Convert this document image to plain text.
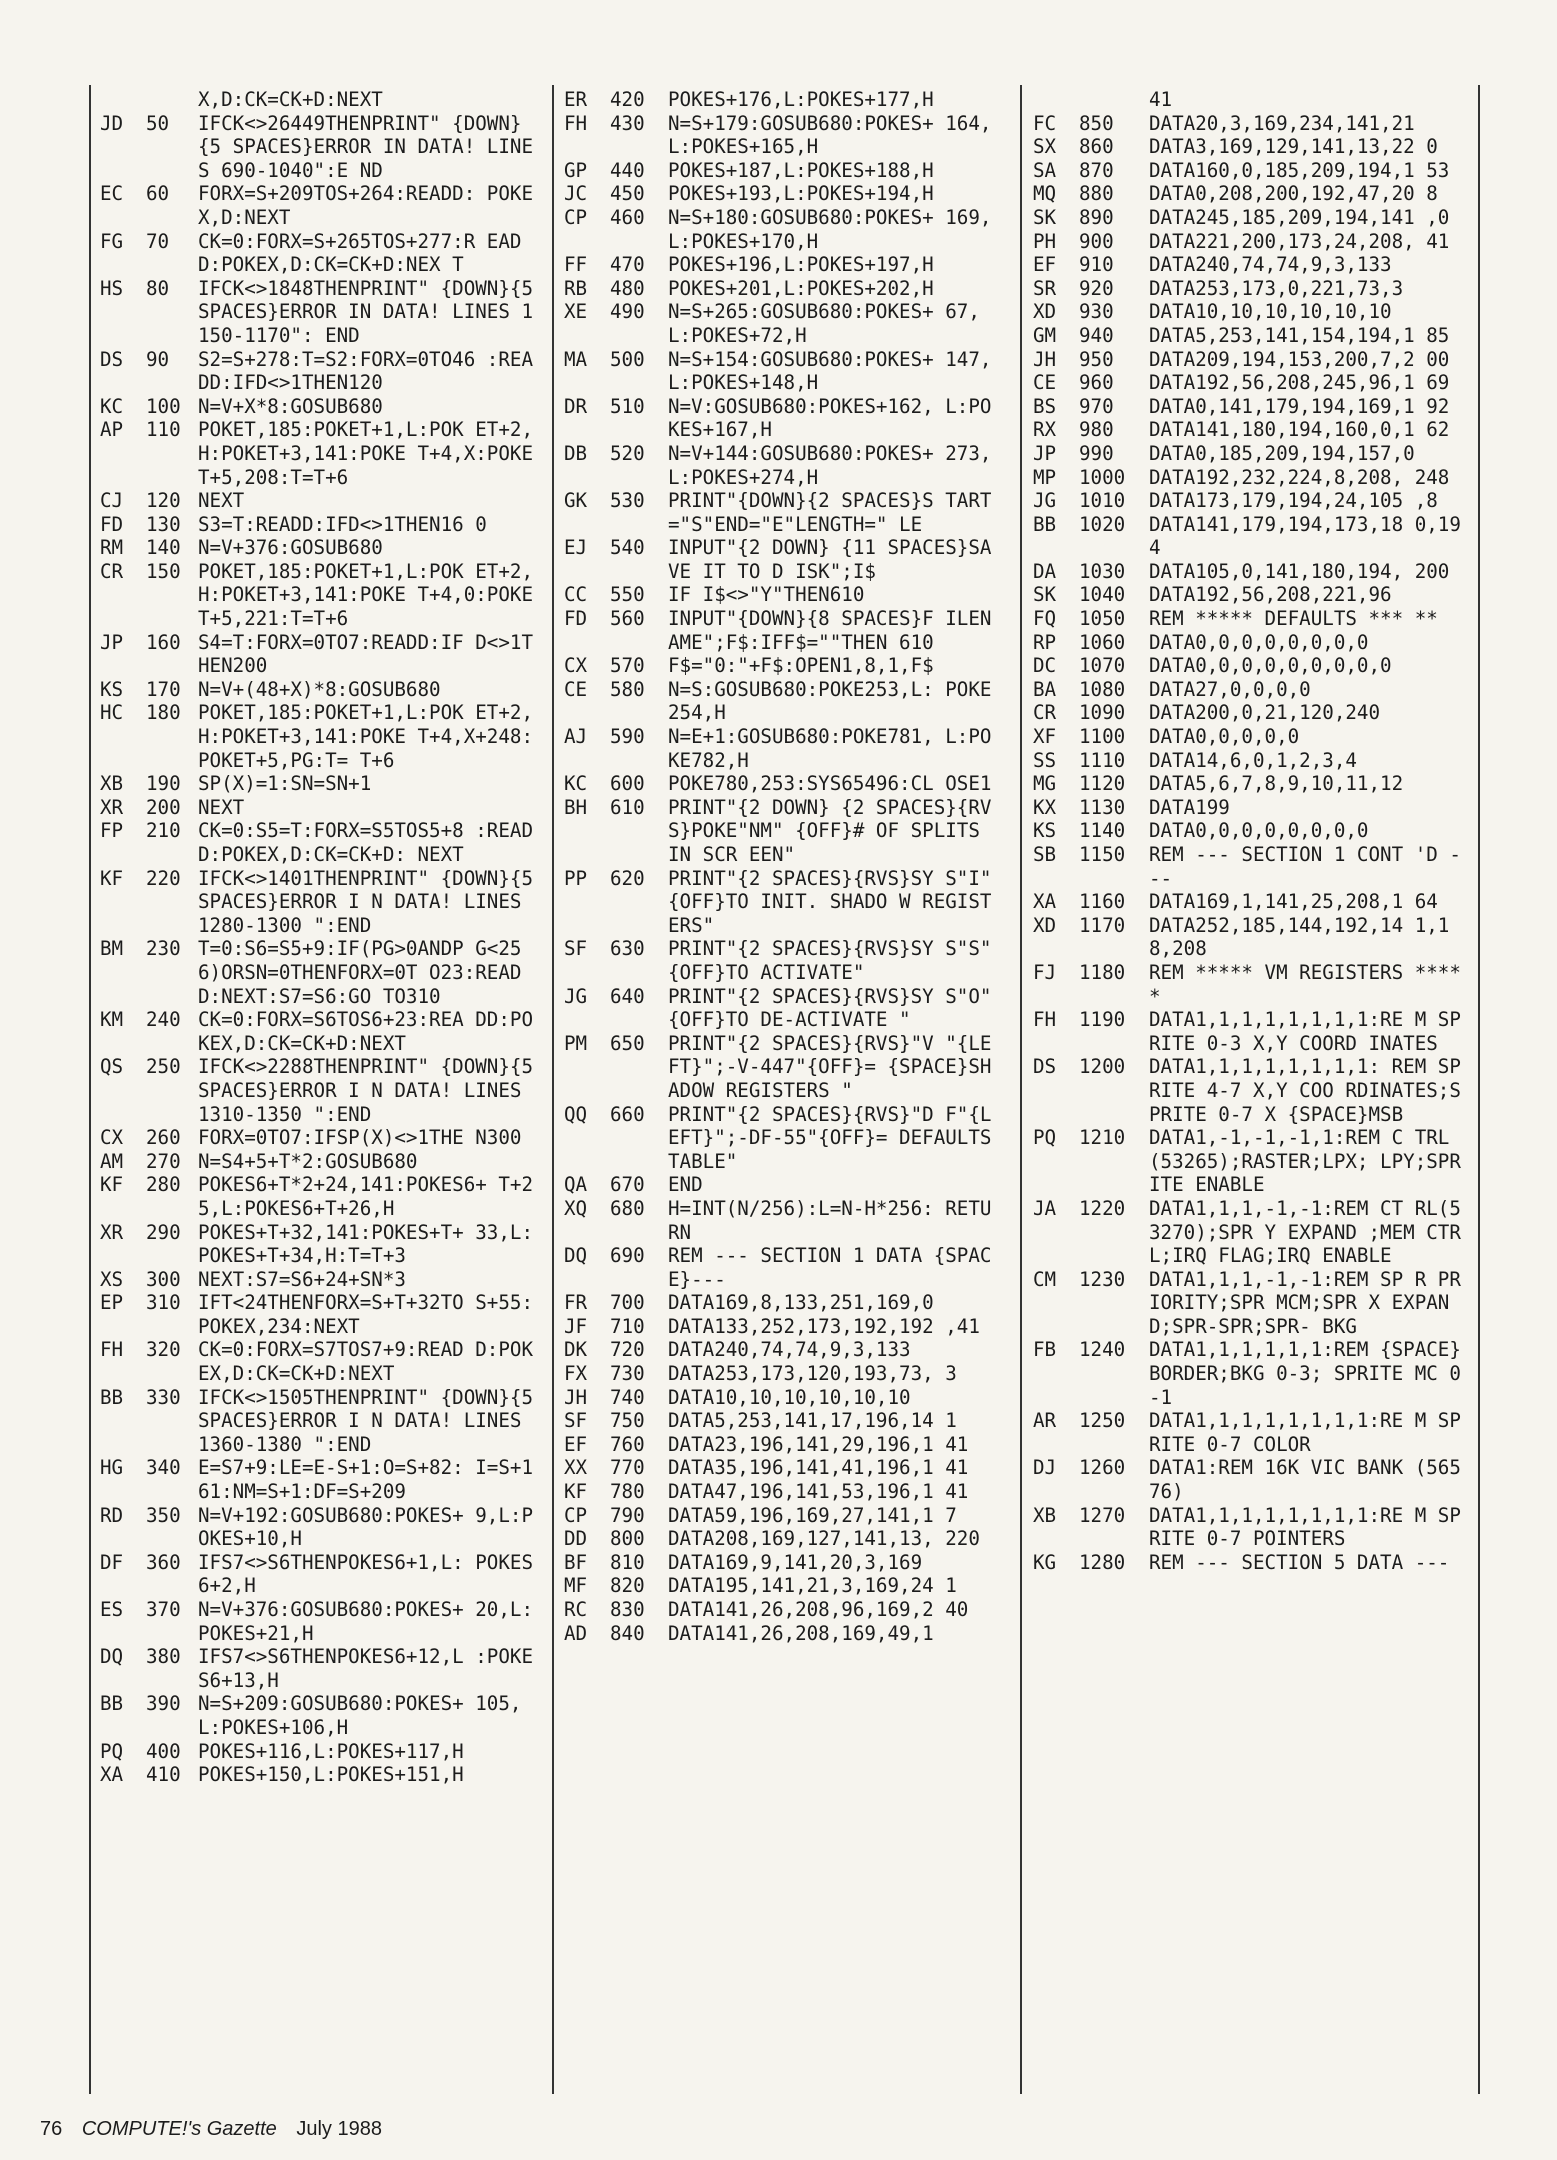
X,D:CK=CK+D:NEXT
JD	50	IFCK<>26449THENPRINT" {DOWN}{5 SPACES}ERROR IN DATA! LINES 690-1040":E ND
EC	60	FORX=S+209TOS+264:READD: POKEX,D:NEXT
FG	70	CK=0:FORX=S+265TOS+277:R EADD:POKEX,D:CK=CK+D:NEX T
HS	80	IFCK<>1848THENPRINT" {DOWN}{5 SPACES}ERROR IN DATA! LINES 1150-1170": END
DS	90	S2=S+278:T=S2:FORX=0TO46 :READD:IFD<>1THEN120
KC	100 N=V+X*8:GOSUB680
AP	110 POKET,185:POKET+1,L:POK ET+2,H:POKET+3,141:POKE T+4,X:POKET+5,208:T=T+6
CJ	120 NEXT
FD	130 S3=T:READD:IFD<>1THEN16 0
RM	140 N=V+376:GOSUB680
CR	150 POKET,185:POKET+1,L:POK ET+2,H:POKET+3,141:POKE T+4,0:POKET+5,221:T=T+6
JP	160 S4=T:FORX=0TO7:READD:IF D<>1THEN200
KS	170 N=V+(48+X)*8:GOSUB680
HC	180 POKET,185:POKET+1,L:POK ET+2,H:POKET+3,141:POKE T+4,X+248:POKET+5,PG:T= T+6
XB	190 SP(X)=1:SN=SN+1
XR	200 NEXT
FP	210 CK=0:S5=T:FORX=S5TOS5+8 :READD:POKEX,D:CK=CK+D: NEXT
KF	220 IFCK<>1401THENPRINT" {DOWN}{5 SPACES}ERROR I N DATA! LINES 1280-1300 ":END
BM	230 T=0:S6=S5+9:IF(PG>0ANDP G<256)ORSN=0THENFORX=0T O23:READD:NEXT:S7=S6:GO TO310
KM	240 CK=0:FORX=S6TOS6+23:REA DD:POKEX,D:CK=CK+D:NEXT
QS	250 IFCK<>2288THENPRINT" {DOWN}{5 SPACES}ERROR I N DATA! LINES 1310-1350 ":END
CX	260 FORX=0TO7:IFSP(X)<>1THE N300
AM	270 N=S4+5+T*2:GOSUB680
KF	280 POKES6+T*2+24,141:POKES6+ T+25,L:POKES6+T+26,H
XR	290 POKES+T+32,141:POKES+T+ 33,L:POKES+T+34,H:T=T+3
XS	300 NEXT:S7=S6+24+SN*3
EP	310 IFT<24THENFORX=S+T+32TO S+55:POKEX,234:NEXT
FH	320 CK=0:FORX=S7TOS7+9:READ D:POKEX,D:CK=CK+D:NEXT
BB	330 IFCK<>1505THENPRINT" {DOWN}{5 SPACES}ERROR I N DATA! LINES 1360-1380 ":END
HG	340 E=S7+9:LE=E-S+1:O=S+82: I=S+161:NM=S+1:DF=S+209
RD	350 N=V+192:GOSUB680:POKES+ 9,L:POKES+10,H
DF	360 IFS7<>S6THENPOKES6+1,L: POKES6+2,H
ES	370 N=V+376:GOSUB680:POKES+ 20,L:POKES+21,H
DQ	380 IFS7<>S6THENPOKES6+12,L :POKES6+13,H
BB	390 N=S+209:GOSUB680:POKES+ 105,L:POKES+106,H
PQ	400 POKES+116,L:POKES+117,H
XA	410 POKES+150,L:POKES+151,H
ER	420	POKES+176,L:POKES+177,H
FH	430	N=S+179:GOSUB680:POKES+ 164,L:POKES+165,H
GP	440	POKES+187,L:POKES+188,H
JC	450	POKES+193,L:POKES+194,H
CP	460	N=S+180:GOSUB680:POKES+ 169,L:POKES+170,H
FF	470	POKES+196,L:POKES+197,H
RB	480	POKES+201,L:POKES+202,H
XE	490	N=S+265:GOSUB680:POKES+ 67,L:POKES+72,H
MA	500	N=S+154:GOSUB680:POKES+ 147,L:POKES+148,H
DR	510	N=V:GOSUB680:POKES+162, L:POKES+167,H
DB	520	N=V+144:GOSUB680:POKES+ 273,L:POKES+274,H
GK	530	PRINT"{DOWN}{2 SPACES}S TART="S"END="E"LENGTH=" LE
EJ	540	INPUT"{2 DOWN} {11 SPACES}SAVE IT TO D ISK";I$
CC	550	IF I$<>"Y"THEN610
FD	560	INPUT"{DOWN}{8 SPACES}F ILENAME";F$:IFF$=""THEN 610
CX	570	F$="0:"+F$:OPEN1,8,1,F$
CE	580	N=S:GOSUB680:POKE253,L: POKE254,H
AJ	590	N=E+1:GOSUB680:POKE781, L:POKE782,H
KC	600	POKE780,253:SYS65496:CL OSE1
BH	610	PRINT"{2 DOWN} {2 SPACES}{RVS}POKE"NM" {OFF}# OF SPLITS IN SCR EEN"
PP	620	PRINT"{2 SPACES}{RVS}SY S"I"{OFF}TO INIT. SHADO W REGISTERS"
SF	630	PRINT"{2 SPACES}{RVS}SY S"S"{OFF}TO ACTIVATE"
JG	640	PRINT"{2 SPACES}{RVS}SY S"O"{OFF}TO DE-ACTIVATE "
PM	650	PRINT"{2 SPACES}{RVS}"V "{LEFT}";-V-447"{OFF}= {SPACE}SHADOW REGISTERS "
QQ	660	PRINT"{2 SPACES}{RVS}"D F"{LEFT}";-DF-55"{OFF}= DEFAULTS TABLE"
QA	670	END
XQ	680	H=INT(N/256):L=N-H*256: RETURN
DQ	690	REM --- SECTION 1 DATA {SPACE}---
FR	700	DATA169,8,133,251,169,0
JF	710	DATA133,252,173,192,192 ,41
DK	720	DATA240,74,74,9,3,133
FX	730	DATA253,173,120,193,73, 3
JH	740	DATA10,10,10,10,10,10
SF	750	DATA5,253,141,17,196,14 1
EF	760	DATA23,196,141,29,196,1 41
XX	770	DATA35,196,141,41,196,1 41
KF	780	DATA47,196,141,53,196,1 41
CP	790	DATA59,196,169,27,141,1 7
DD	800	DATA208,169,127,141,13, 220
BF	810	DATA169,9,141,20,3,169
MF	820	DATA195,141,21,3,169,24 1
RC	830	DATA141,26,208,96,169,2 40
AD	840	DATA141,26,208,169,49,1
41
FC	850	DATA20,3,169,234,141,21
SX	860	DATA3,169,129,141,13,22 0
SA	870	DATA160,0,185,209,194,1 53
MQ	880	DATA0,208,200,192,47,20 8
SK	890	DATA245,185,209,194,141 ,0
PH	900	DATA221,200,173,24,208, 41
EF	910	DATA240,74,74,9,3,133
SR	920	DATA253,173,0,221,73,3
XD	930	DATA10,10,10,10,10,10
GM	940	DATA5,253,141,154,194,1 85
JH	950	DATA209,194,153,200,7,2 00
CE	960	DATA192,56,208,245,96,1 69
BS	970	DATA0,141,179,194,169,1 92
RX	980	DATA141,180,194,160,0,1 62
JP	990	DATA0,185,209,194,157,0
MP	1000	DATA192,232,224,8,208, 248
JG	1010	DATA173,179,194,24,105 ,8
BB	1020	DATA141,179,194,173,18 0,194
DA	1030	DATA105,0,141,180,194, 200
SK	1040	DATA192,56,208,221,96
FQ	1050	REM ***** DEFAULTS *** **
RP	1060	DATA0,0,0,0,0,0,0,0
DC	1070	DATA0,0,0,0,0,0,0,0,0
BA	1080	DATA27,0,0,0,0
CR	1090	DATA200,0,21,120,240
XF	1100	DATA0,0,0,0,0
SS	1110	DATA14,6,0,1,2,3,4
MG	1120	DATA5,6,7,8,9,10,11,12
KX	1130	DATA199
KS	1140	DATA0,0,0,0,0,0,0,0
SB	1150	REM --- SECTION 1 CONT 'D ---
XA	1160	DATA169,1,141,25,208,1 64
XD	1170	DATA252,185,144,192,14 1,18,208
FJ	1180	REM ***** VM REGISTERS *****
FH	1190	DATA1,1,1,1,1,1,1,1:RE M SPRITE 0-3 X,Y COORD INATES
DS	1200	DATA1,1,1,1,1,1,1,1: REM SPRITE 4-7 X,Y COO RDINATES;SPRITE 0-7 X {SPACE}MSB
PQ	1210	DATA1,-1,-1,-1,1:REM C TRL(53265);RASTER;LPX; LPY;SPRITE ENABLE
JA	1220	DATA1,1,1,-1,-1:REM CT RL(53270);SPR Y EXPAND ;MEM CTRL;IRQ FLAG;IRQ ENABLE
CM	1230	DATA1,1,1,-1,-1:REM SP R PRIORITY;SPR MCM;SPR X EXPAND;SPR-SPR;SPR- BKG
FB	1240	DATA1,1,1,1,1,1:REM {SPACE}BORDER;BKG 0-3; SPRITE MC 0-1
AR	1250	DATA1,1,1,1,1,1,1,1:RE M SPRITE 0-7 COLOR
DJ	1260	DATA1:REM 16K VIC BANK (56576)
XB	1270	DATA1,1,1,1,1,1,1,1:RE M SPRITE 0-7 POINTERS
KG	1280	REM --- SECTION 5 DATA ---
76 COMPUTE!'s Gazette July 1988
